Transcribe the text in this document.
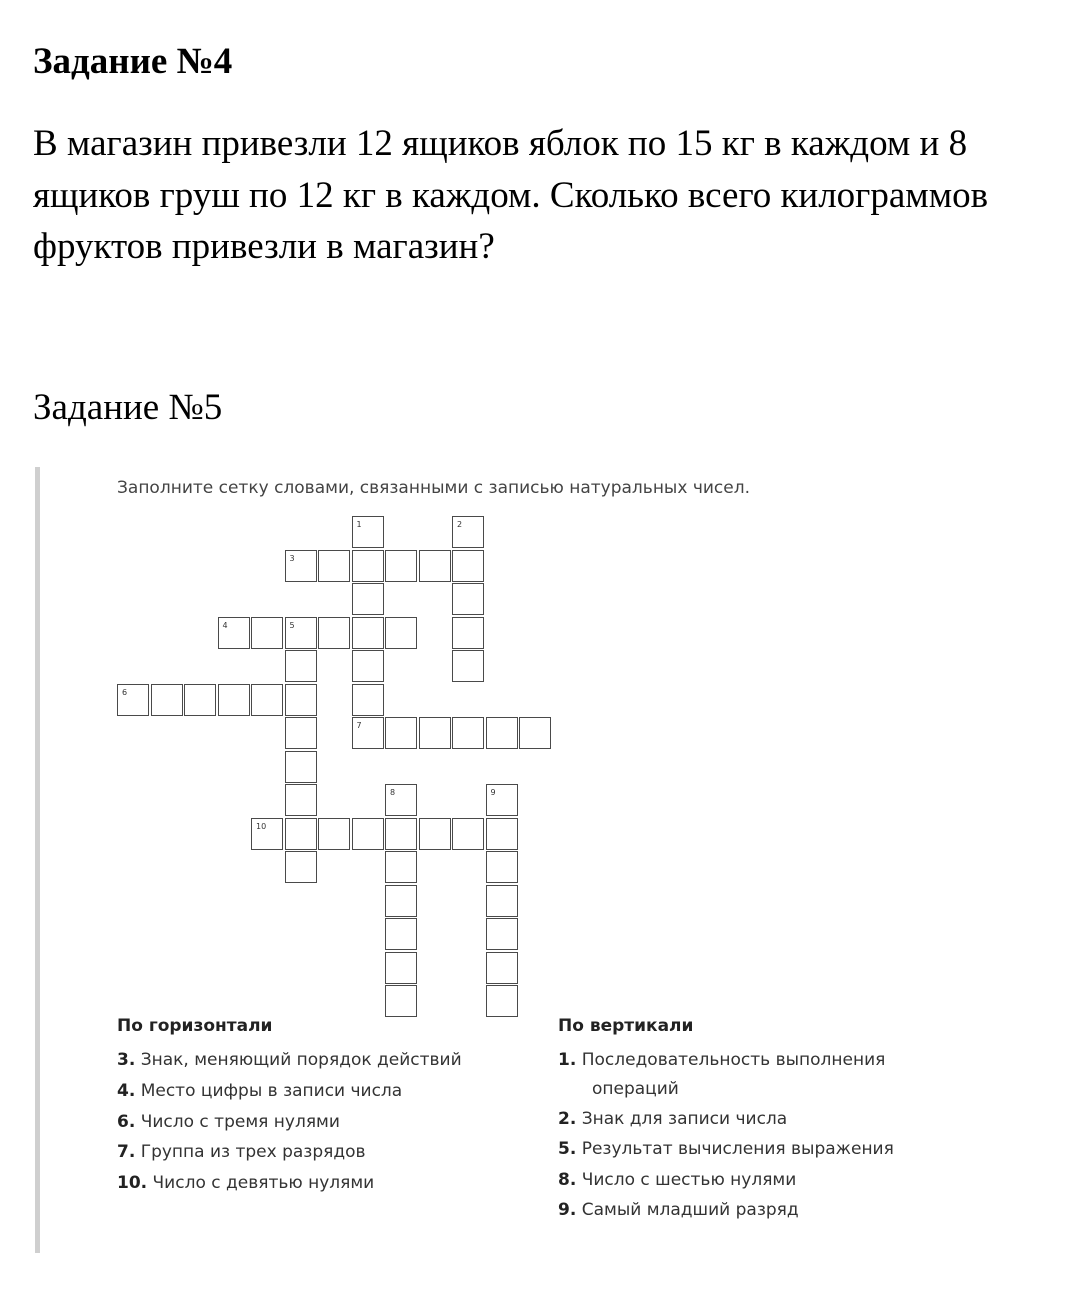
Задание №4

В магазин привезли 12 ящиков яблок по 15 кг в каждом и 8 ящиков груш по 12 кг в каждом. Сколько всего килограммов фруктов привезли в магазин?

Задание №5
Заполните сетку словами, связанными с записью натуральных чисел.
3
4	5
6
7
10
1	2
8	9
По горизонтали	По вертикали
3. Знак, меняющий порядок действий
4. Место цифры в записи числа
6. Число с тремя нулями
7. Группа из трех разрядов
10. Число с девятью нулями
1. Последовательность выполнения
операций
2. Знак для записи числа
5. Результат вычисления выражения
8. Число с шестью нулями
9. Самый младший разряд
